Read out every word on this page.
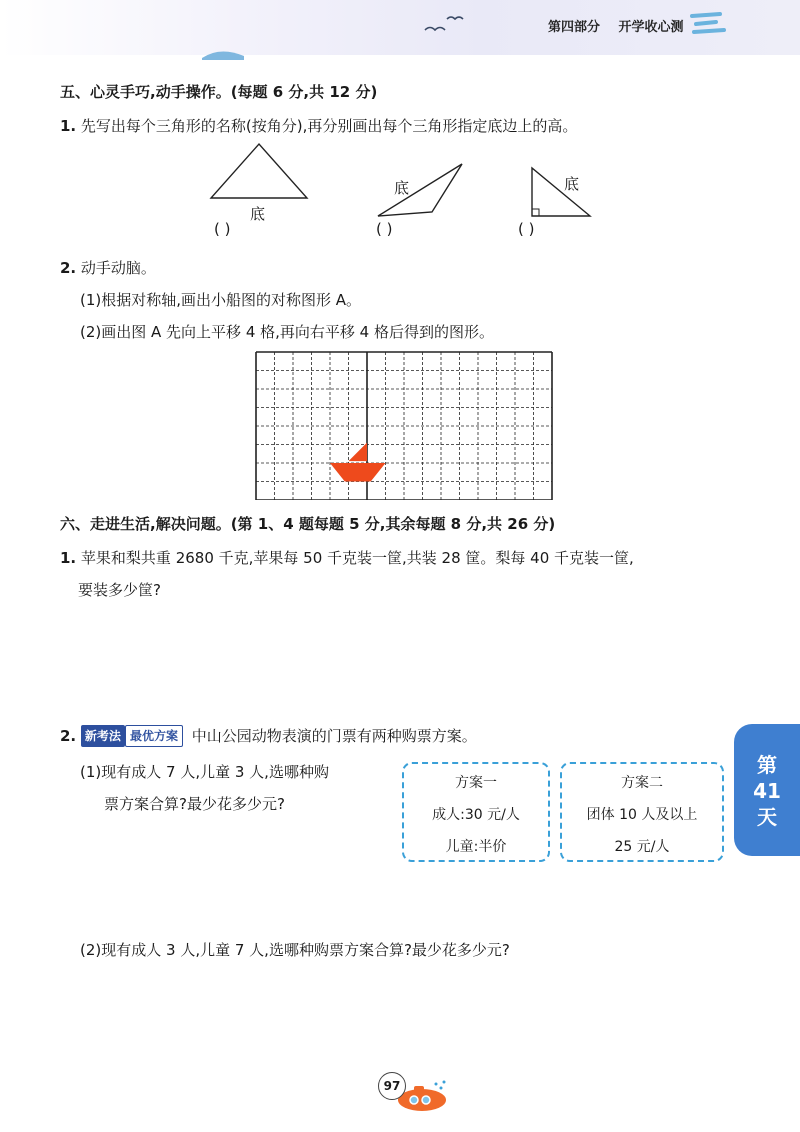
第四部分 开学收心测
五、心灵手巧,动手操作。(每题 6 分,共 12 分)
1. 先写出每个三角形的名称(按角分),再分别画出每个三角形指定底边上的高。
底
( )
底
( )
底
( )
2. 动手动脑。
(1)根据对称轴,画出小船图的对称图形 A。
(2)画出图 A 先向上平移 4 格,再向右平移 4 格后得到的图形。
六、走进生活,解决问题。(第 1、4 题每题 5 分,其余每题 8 分,共 26 分)
1. 苹果和梨共重 2680 千克,苹果每 50 千克装一筐,共装 28 筐。梨每 40 千克装一筐,
要装多少筐?
2. 新考法 最优方案 中山公园动物表演的门票有两种购票方案。
(1)现有成人 7 人,儿童 3 人,选哪种购
票方案合算?最少花多少元?
方案一
成人:30 元/人
儿童:半价
方案二
团体 10 人及以上
25 元/人
(2)现有成人 3 人,儿童 7 人,选哪种购票方案合算?最少花多少元?
第
41
天
97
